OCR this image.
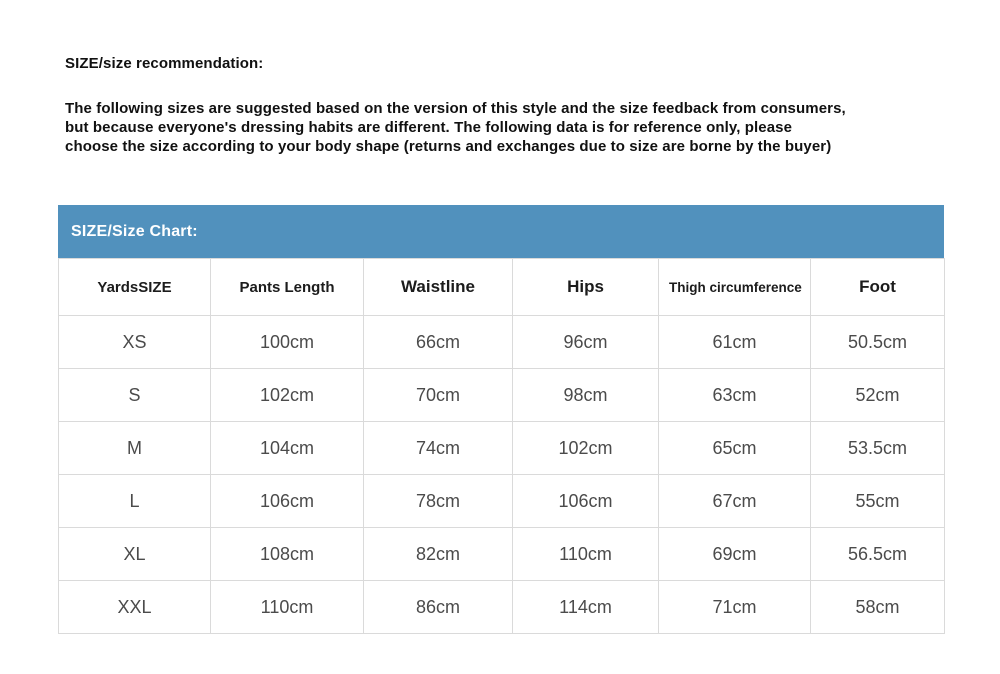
SIZE/size recommendation:
The following sizes are suggested based on the version of this style and the size feedback from consumers,
but because everyone's dressing habits are different. The following data is for reference only, please
choose the size according to your body shape (returns and exchanges due to size are borne by the buyer)
SIZE/Size Chart:
YardsSIZE	Pants Length	Waistline	Hips	Thigh circumference	Foot
XS	100cm	66cm	96cm	61cm	50.5cm
S	102cm	70cm	98cm	63cm	52cm
M	104cm	74cm	102cm	65cm	53.5cm
L	106cm	78cm	106cm	67cm	55cm
XL	108cm	82cm	110cm	69cm	56.5cm
XXL	110cm	86cm	114cm	71cm	58cm
